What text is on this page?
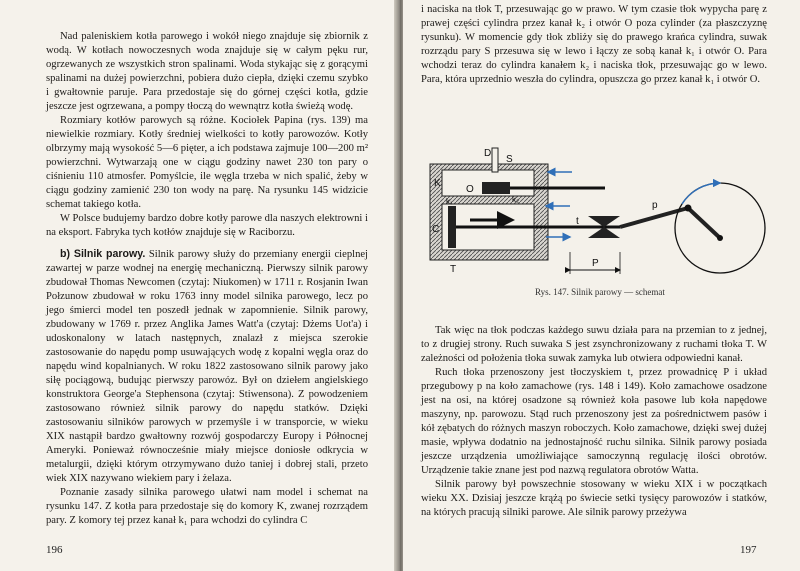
Nad paleniskiem kotła parowego i wokół niego znajduje się zbiornik z wodą. W kotłach nowoczesnych woda znajduje się w całym pęku rur, ogrzewanych ze wszystkich stron spalinami. Woda stykając się z gorącymi spalinami na dużej powierzchni, pobiera dużo ciepła, dzięki czemu szybko i gwałtownie paruje. Para przedostaje się do górnej części kotła, gdzie jeszcze jest ogrzewana, a pompy tłoczą do wewnątrz kotła świeżą wodę.

Rozmiary kotłów parowych są różne. Kociołek Papina (rys. 139) ma niewielkie rozmiary. Kotły średniej wielkości to kotły parowozów. Kotły olbrzymy mają wysokość 5—6 pięter, a ich podstawa zajmuje 100—200 m² powierzchni. Wytwarzają one w ciągu godziny nawet 230 ton pary o ciśnieniu 110 atmosfer. Pomyślcie, ile węgla trzeba w nich spalić, żeby w ciągu godziny zamienić 230 ton wody na parę. Na rysunku 145 widzicie schemat takiego kotła.

W Polsce budujemy bardzo dobre kotły parowe dla naszych elektrowni i na eksport. Fabryka tych kotłów znajduje się w Raciborzu.

b) Silnik parowy. Silnik parowy służy do przemiany energii cieplnej zawartej w parze wodnej na energię mechaniczną. Pierwszy silnik parowy zbudował Thomas Newcomen (czytaj: Niukomen) w 1711 r. Rosjanin Iwan Połzunow zbudował w roku 1763 inny model silnika parowego, lecz po jego śmierci model ten poszedł jednak w zapomnienie. Silnik parowy, zbudowany w 1769 r. przez Anglika James Watt'a (czytaj: Dżems Uot'a) i udoskonalony w latach następnych, znalazł z miejsca szerokie zastosowanie do napędu pomp usuwających wodę z kopalni węgla oraz do napędu wind kopalnianych. W roku 1822 zastosowano silnik parowy jako siłę pociągową, budując pierwszy parowóz. Był on dziełem angielskiego konstruktora George'a Stephensona (czytaj: Stiwensona). Z powodzeniem zastosowano również silnik parowy do napędu statków. Dzięki zastosowaniu silników parowych w przemyśle i w transporcie, w wieku XIX nastąpił bardzo gwałtowny rozwój gospodarczy Europy i Północnej Ameryki. Ponieważ równocześnie miały miejsce doniosłe odkrycia w metalurgii, dzięki którym otrzymywano dużo taniej i dobrej stali, przeto wiek XIX nazywano wiekiem pary i żelaza.

Poznanie zasady silnika parowego ułatwi nam model i schemat na rysunku 147. Z kotła para przedostaje się do komory K, zwanej rozrządem pary. Z komory tej przez kanał k₁ para wchodzi do cylindra C

196

i naciska na tłok T, przesuwając go w prawo. W tym czasie tłok wypycha parę z prawej części cylindra przez kanał k₂ i otwór O poza cylinder (za płaszczyznę rysunku). W momencie gdy tłok zbliży się do prawego krańca cylindra, suwak rozrządu pary S przesuwa się w lewo i łączy ze sobą kanał k₁ i otwór O. Para wchodzi teraz do cylindra kanałem k₂ i naciska tłok, przesuwając go w lewo. Para, która uprzednio weszła do cylindra, opuszcza go przez kanał k₁ i otwór O.

Tak więc na tłok podczas każdego suwu działa para na przemian to z jednej, to z drugiej strony. Ruch suwaka S jest zsynchronizowany z ruchami tłoka T. W zależności od położenia tłoka suwak zamyka lub otwiera odpowiedni kanał.

Ruch tłoka przenoszony jest tłoczyskiem t, przez prowadnicę P i układ przegubowy p na koło zamachowe (rys. 148 i 149). Koło zamachowe osadzone jest na osi, na której osadzone są również koła pasowe lub koła napędowe maszyny, np. parowozu. Stąd ruch przenoszony jest za pośrednictwem pasów i kół zębatych do różnych maszyn roboczych. Koło zamachowe, dzięki swej dużej masie, wpływa dodatnio na jednostajność ruchu silnika. Silnik parowy posiada jeszcze urządzenia umożliwiające samoczynną regulację ilości obrotów. Urządzenie takie znane jest pod nazwą regulatora obrotów Watta.

Silnik parowy był powszechnie stosowany w wieku XIX i w początkach wieku XX. Dzisiaj jeszcze krążą po świecie setki tysięcy parowozów i statków, na których pracują silniki parowe. Ale silnik parowy przeżywa

197
D
S
K
O
k₁	k₂
C
T
t
P
p
Rys. 147. Silnik parowy — schemat
